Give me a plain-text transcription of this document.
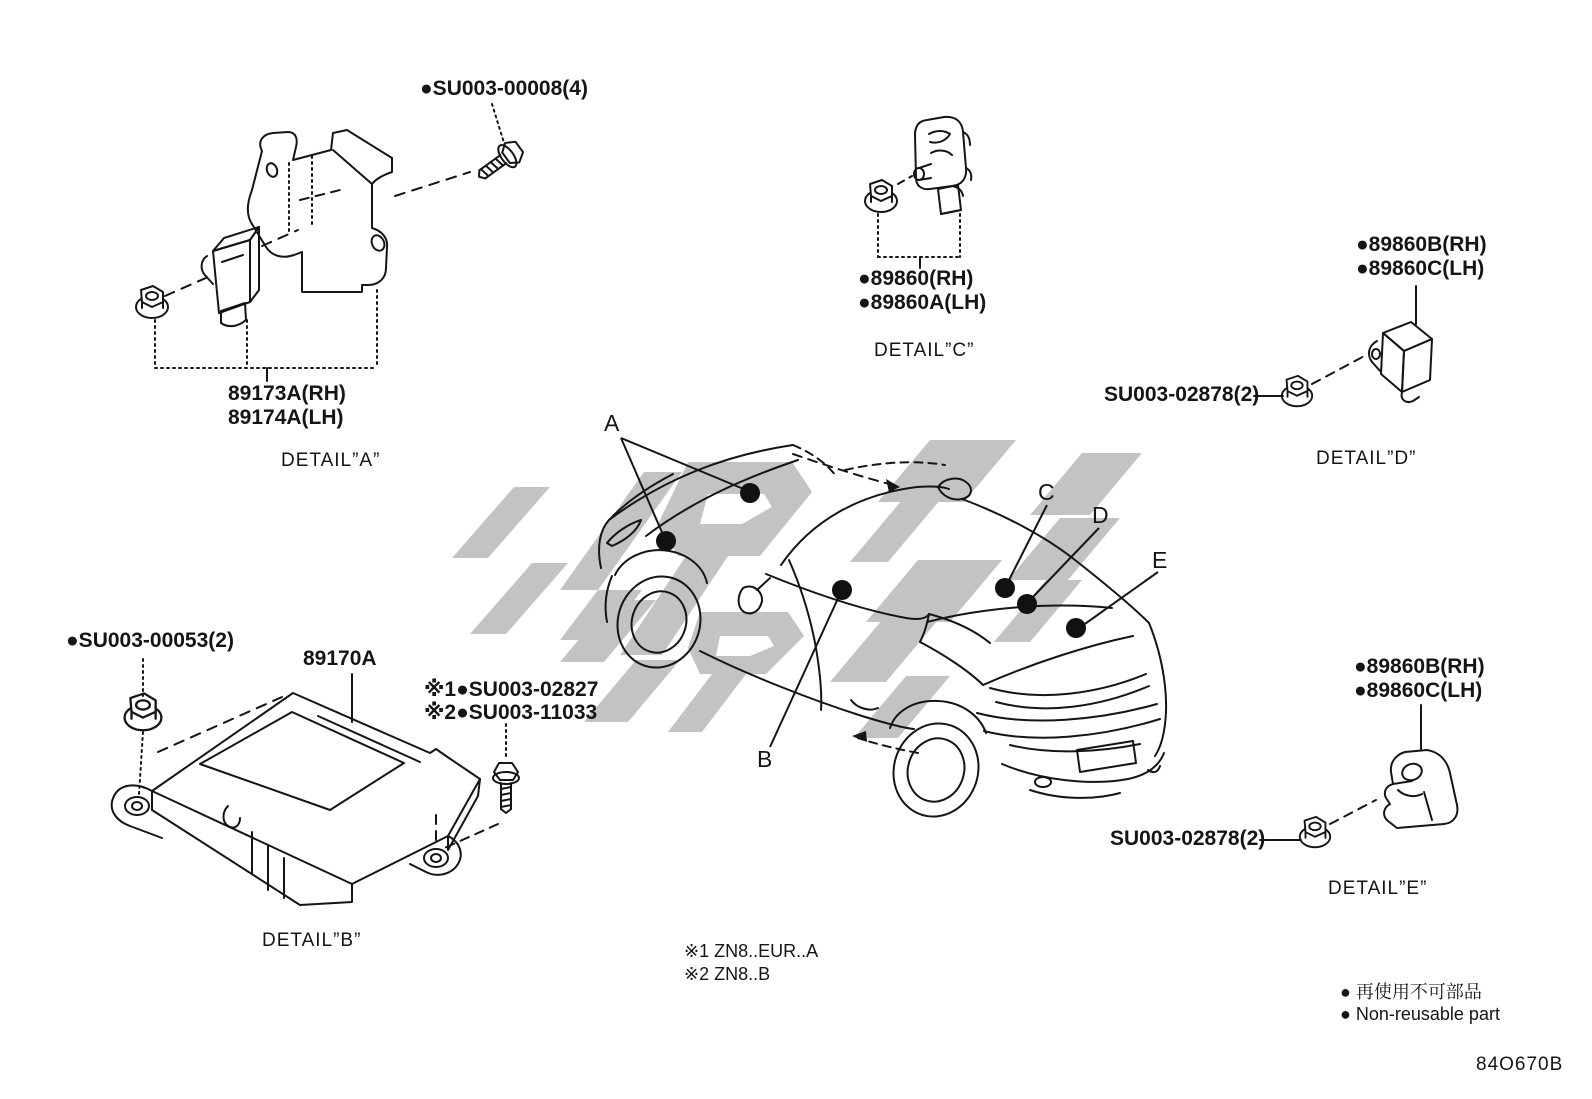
●SU003-00008(4)
89173A(RH)
89174A(LH)
DETAIL”A”
●89860(RH)
●89860A(LH)
DETAIL”C”
●89860B(RH)
●89860C(LH)
SU003-02878(2)
DETAIL”D”
●SU003-00053(2)
89170A
※1●SU003-02827
※2●SU003-11033
DETAIL”B”
●89860B(RH)
●89860C(LH)
SU003-02878(2)
DETAIL”E”
A
B
C
D
E
※1 ZN8..EUR..A
※2 ZN8..B
● 再使用不可部品
● Non-reusable part
84O670B
